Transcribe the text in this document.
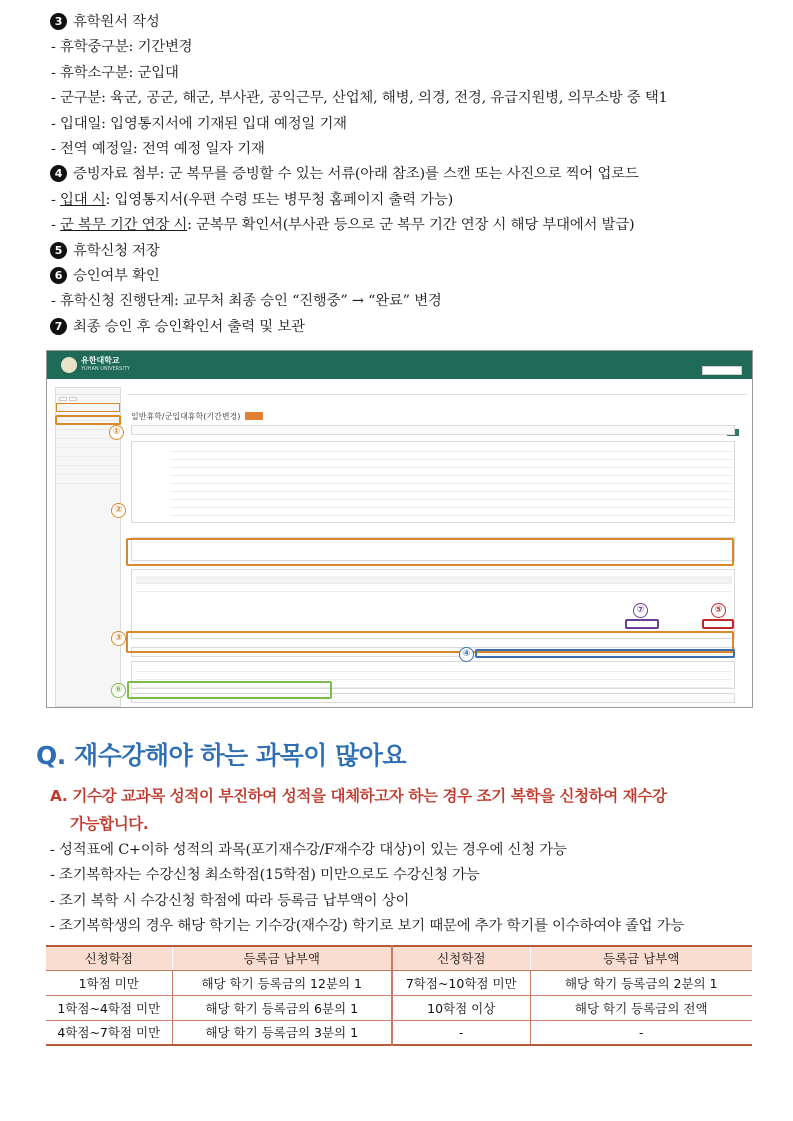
3 휴학원서 작성
- 휴학중구분: 기간변경
- 휴학소구분: 군입대
- 군구분: 육군, 공군, 해군, 부사관, 공익근무, 산업체, 해병, 의경, 전경, 유급지원병, 의무소방 중 택1
- 입대일: 입영통지서에 기재된 입대 예정일 기재
- 전역 예정일: 전역 예정 일자 기재
4 증빙자료 첨부: 군 복무를 증빙할 수 있는 서류(아래 참조)를 스캔 또는 사진으로 찍어 업로드
- 입대 시: 입영통지서(우편 수령 또는 병무청 홈페이지 출력 가능)
- 군 복무 기간 연장 시: 군복무 확인서(부사관 등으로 군 복무 기간 연장 시 해당 부대에서 발급)
5 휴학신청 저장
6 승인여부 확인
- 휴학신청 진행단계: 교무처 최종 승인 “진행중” → “완료” 변경
7 최종 승인 후 승인확인서 출력 및 보관
유한대학교
YUHAN UNIVERSITY
일반휴학/군입대휴학(기간변경)
①
②
③
④
⑤
⑥
⑦
Q. 재수강해야 하는 과목이 많아요
A. 기수강 교과목 성적이 부진하여 성적을 대체하고자 하는 경우 조기 복학을 신청하여 재수강
가능합니다.
- 성적표에 C+이하 성적의 과목(포기재수강/F재수강 대상)이 있는 경우에 신청 가능
- 조기복학자는 수강신청 최소학점(15학점) 미만으로도 수강신청 가능
- 조기 복학 시 수강신청 학점에 따라 등록금 납부액이 상이
- 조기복학생의 경우 해당 학기는 기수강(재수강) 학기로 보기 때문에 추가 학기를 이수하여야 졸업 가능
신청학점	등록금 납부액	신청학점	등록금 납부액
1학점 미만	해당 학기 등록금의 12분의 1	7학점~10학점 미만	해당 학기 등록금의 2분의 1
1학점~4학점 미만	해당 학기 등록금의 6분의 1	10학점 이상	해당 학기 등록금의 전액
4학점~7학점 미만	해당 학기 등록금의 3분의 1	-	-
